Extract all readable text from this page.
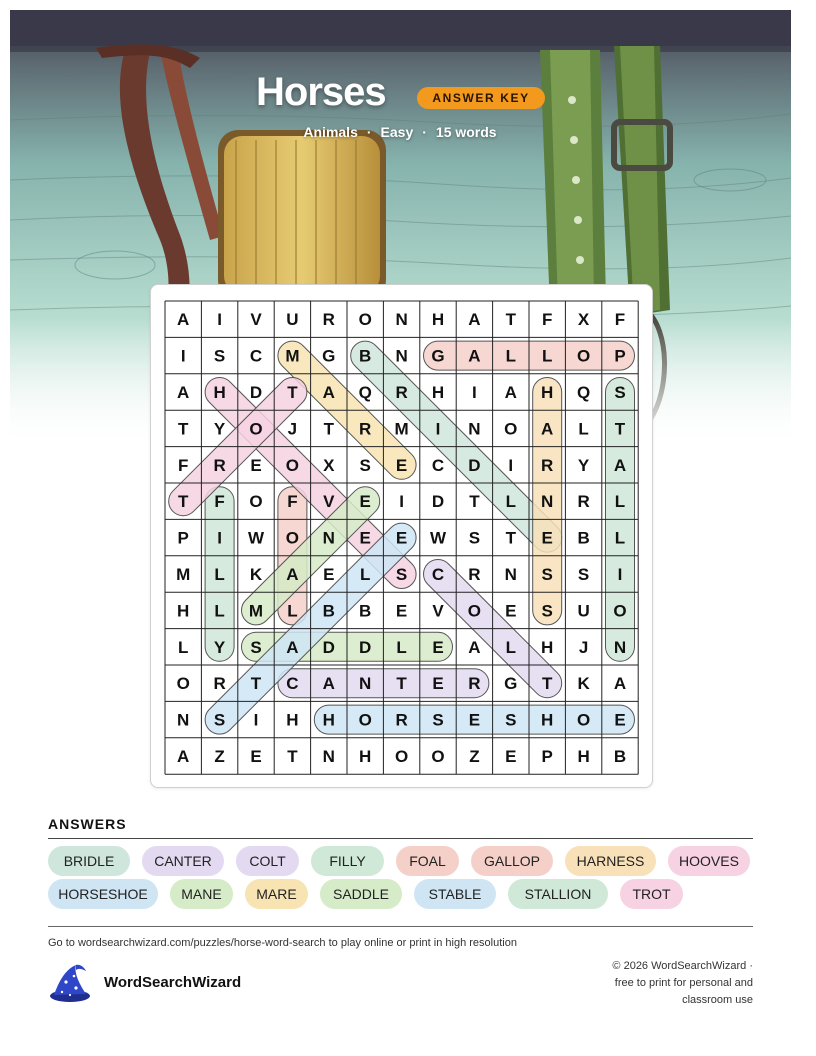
Horses	ANSWER KEY
Animals · Easy · 15 words
A I V U R O N H A T F X F
I S C M G B N G A L L O P
A H D T A Q R H I A H Q S
T Y O J T R M I N O A L T
F R E O X S E C D I R Y A
T F O F V E I D T L N R L
P I W O N E E W S T E B L
M L K A E L S C R N S S I
H L M L B B E V O E S U O
L Y S A D D L E A L H J N
O R T C A N T E R G T K A
N S I H H O R S E S H O E
A Z E T N H O O Z E P H B
ANSWERS
BRIDLE	CANTER	COLT	FILLY	FOAL	GALLOP	HARNESS	HOOVES
HORSESHOE	MANE	MARE	SADDLE	STABLE	STALLION	TROT
Go to wordsearchwizard.com/puzzles/horse-word-search to play online or print in high resolution
WordSearchWizard
© 2026 WordSearchWizard ·
free to print for personal and
classroom use
